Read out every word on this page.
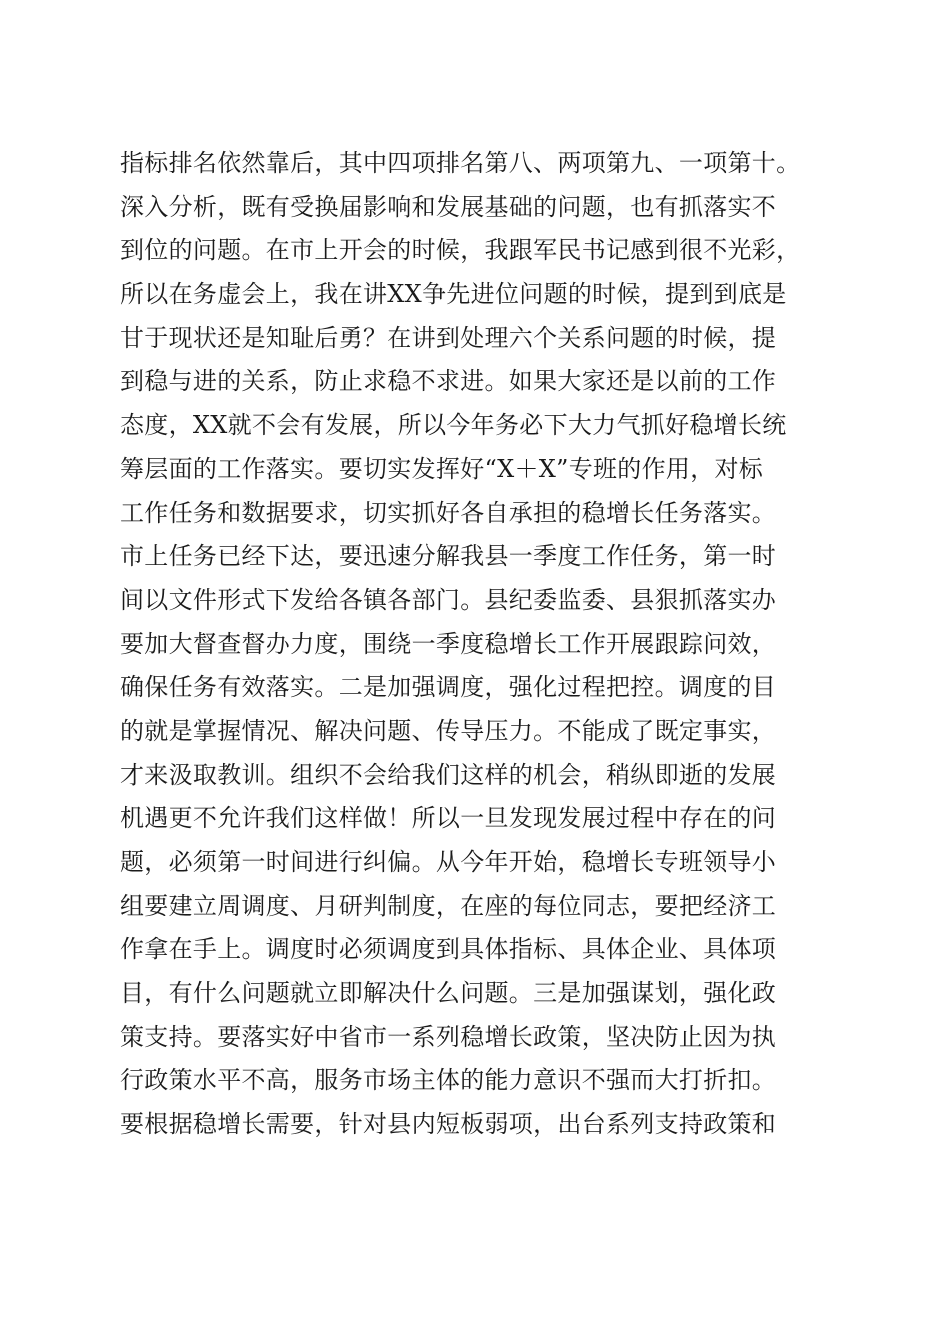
指标排名依然靠后，其中四项排名第八、两项第九、一项第十。
深入分析，既有受换届影响和发展基础的问题，也有抓落实不
到位的问题。在市上开会的时候，我跟军民书记感到很不光彩，
所以在务虚会上，我在讲XX争先进位问题的时候，提到到底是
甘于现状还是知耻后勇？在讲到处理六个关系问题的时候，提
到稳与进的关系，防止求稳不求进。如果大家还是以前的工作
态度，XX就不会有发展，所以今年务必下大力气抓好稳增长统
筹层面的工作落实。要切实发挥好“X＋X”专班的作用，对标
工作任务和数据要求，切实抓好各自承担的稳增长任务落实。
市上任务已经下达，要迅速分解我县一季度工作任务，第一时
间以文件形式下发给各镇各部门。县纪委监委、县狠抓落实办
要加大督查督办力度，围绕一季度稳增长工作开展跟踪问效，
确保任务有效落实。二是加强调度，强化过程把控。调度的目
的就是掌握情况、解决问题、传导压力。不能成了既定事实，
才来汲取教训。组织不会给我们这样的机会，稍纵即逝的发展
机遇更不允许我们这样做！所以一旦发现发展过程中存在的问
题，必须第一时间进行纠偏。从今年开始，稳增长专班领导小
组要建立周调度、月研判制度，在座的每位同志，要把经济工
作拿在手上。调度时必须调度到具体指标、具体企业、具体项
目，有什么问题就立即解决什么问题。三是加强谋划，强化政
策支持。要落实好中省市一系列稳增长政策，坚决防止因为执
行政策水平不高，服务市场主体的能力意识不强而大打折扣。
要根据稳增长需要，针对县内短板弱项，出台系列支持政策和
